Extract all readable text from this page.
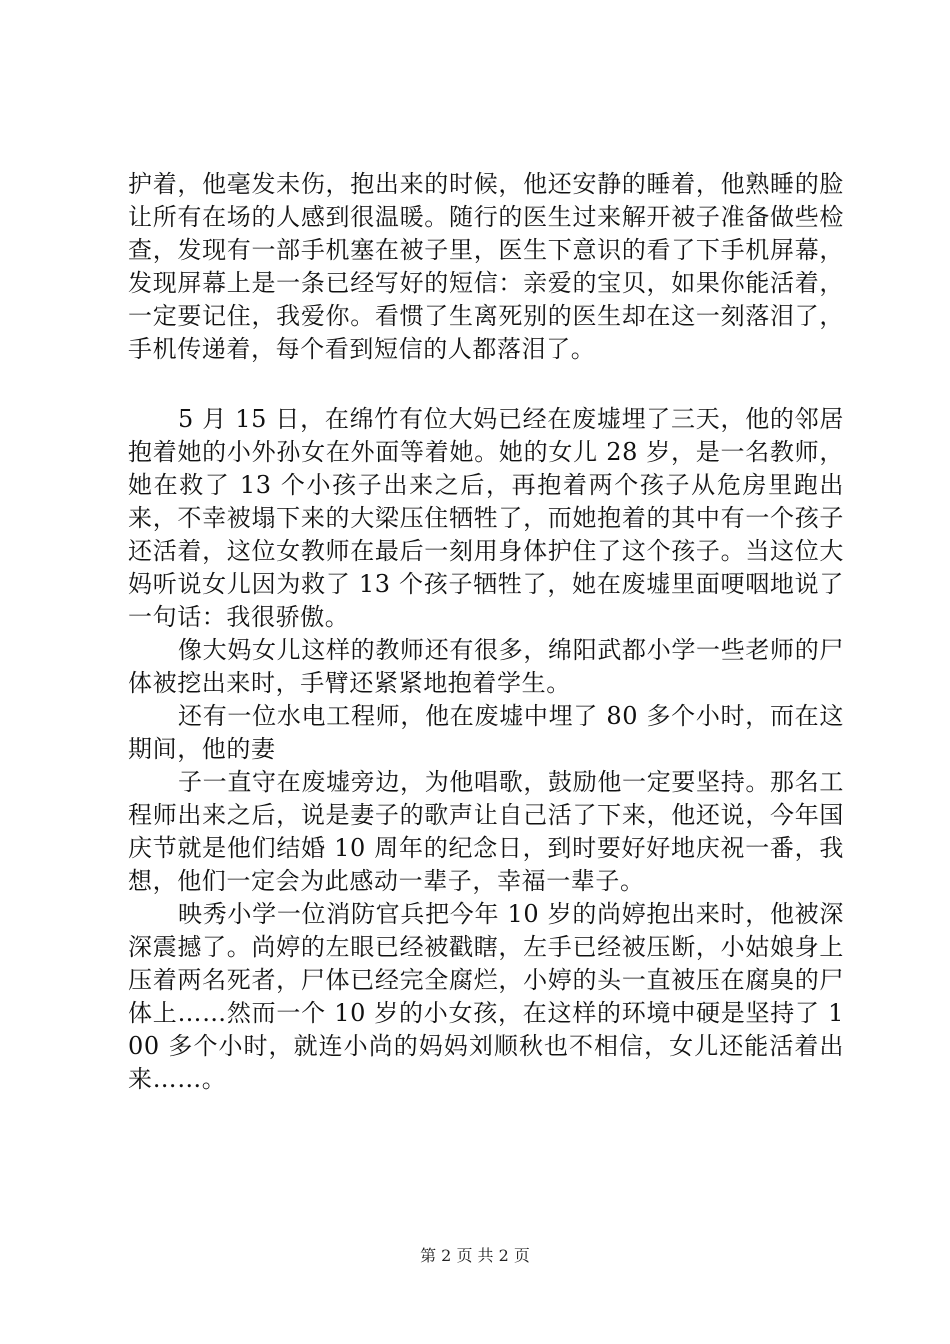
护着，他毫发未伤，抱出来的时候，他还安静的睡着，他熟睡的脸让所有在场的人感到很温暖。随行的医生过来解开被子准备做些检查，发现有一部手机塞在被子里，医生下意识的看了下手机屏幕，发现屏幕上是一条已经写好的短信：亲爱的宝贝，如果你能活着，一定要记住，我爱你。看惯了生离死别的医生却在这一刻落泪了，手机传递着，每个看到短信的人都落泪了。

5 月 15 日，在绵竹有位大妈已经在废墟埋了三天，他的邻居抱着她的小外孙女在外面等着她。她的女儿 28 岁，是一名教师，她在救了 13 个小孩子出来之后，再抱着两个孩子从危房里跑出来，不幸被塌下来的大梁压住牺牲了，而她抱着的其中有一个孩子还活着，这位女教师在最后一刻用身体护住了这个孩子。当这位大妈听说女儿因为救了 13 个孩子牺牲了，她在废墟里面哽咽地说了一句话：我很骄傲。

像大妈女儿这样的教师还有很多，绵阳武都小学一些老师的尸体被挖出来时，手臂还紧紧地抱着学生。

还有一位水电工程师，他在废墟中埋了 80 多个小时，而在这期间，他的妻

子一直守在废墟旁边，为他唱歌，鼓励他一定要坚持。那名工程师出来之后，说是妻子的歌声让自己活了下来，他还说，今年国庆节就是他们结婚 10 周年的纪念日，到时要好好地庆祝一番，我想，他们一定会为此感动一辈子，幸福一辈子。

映秀小学一位消防官兵把今年 10 岁的尚婷抱出来时，他被深深震撼了。尚婷的左眼已经被戳瞎，左手已经被压断，小姑娘身上压着两名死者，尸体已经完全腐烂，小婷的头一直被压在腐臭的尸体上……然而一个 10 岁的小女孩，在这样的环境中硬是坚持了 100 多个小时，就连小尚的妈妈刘顺秋也不相信，女儿还能活着出来……。

第 2 页 共 2 页
